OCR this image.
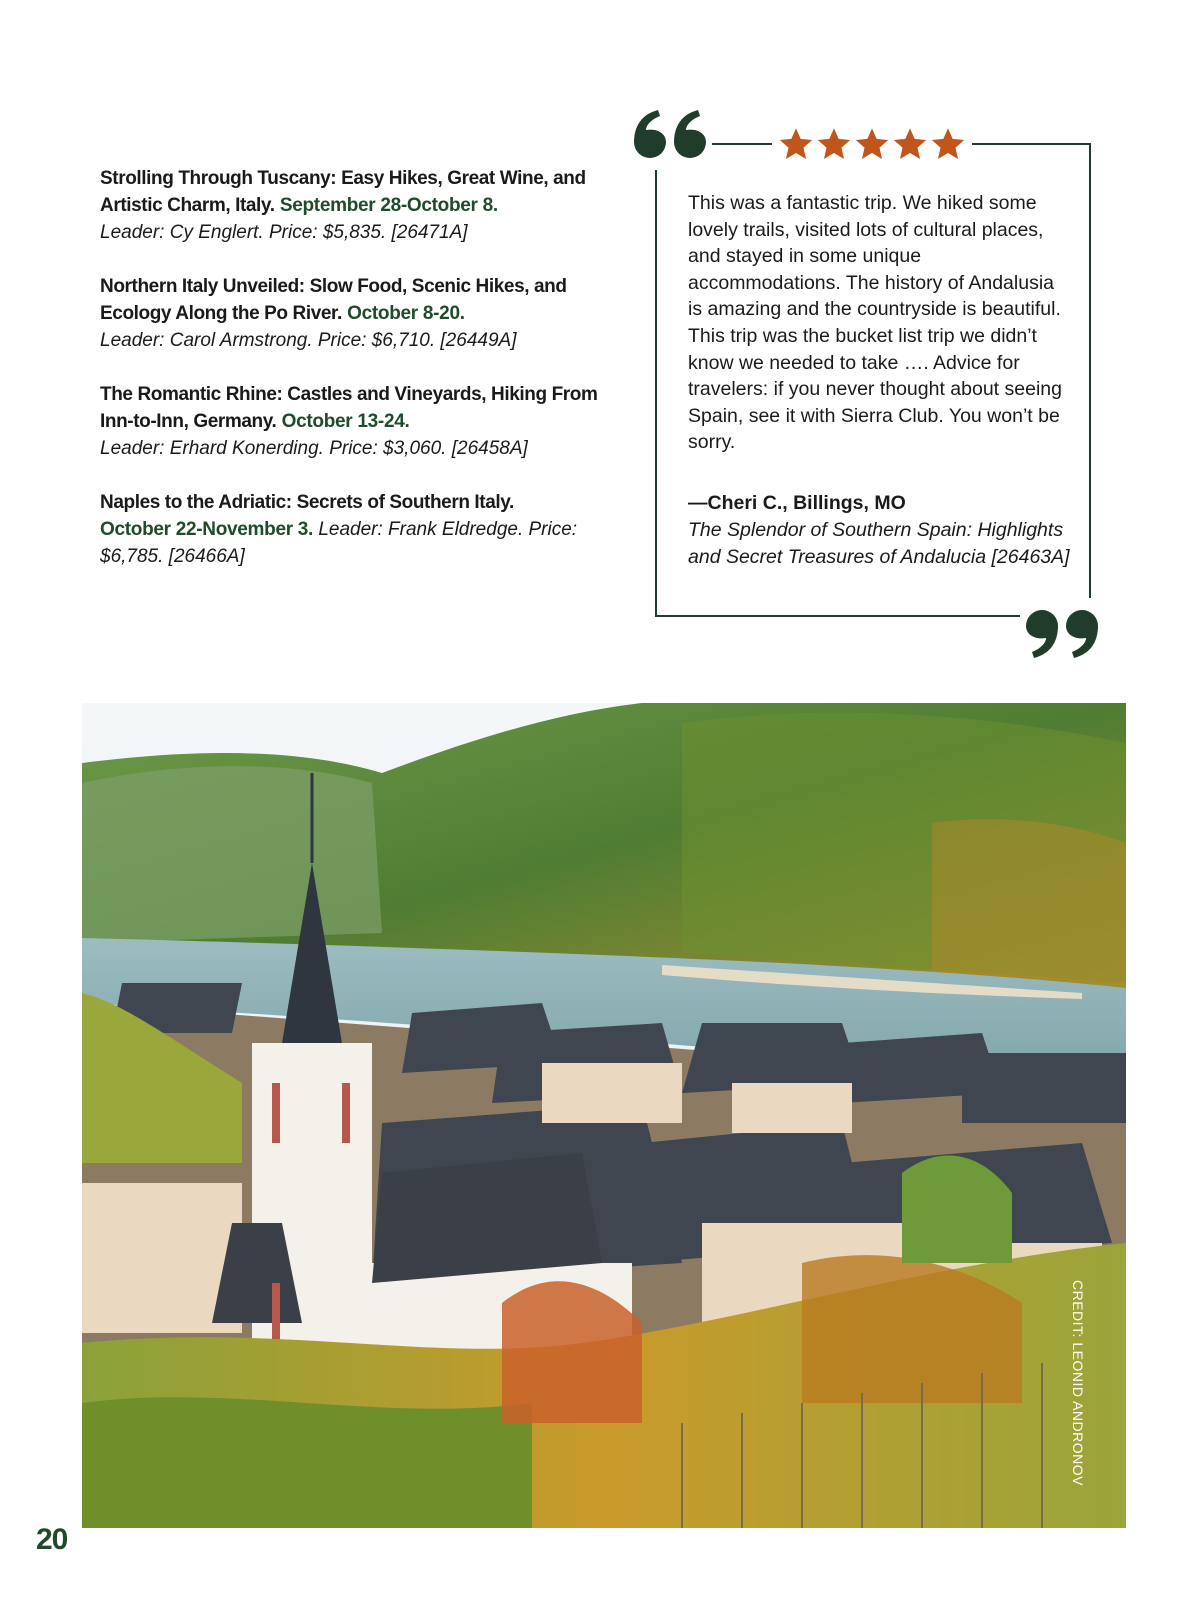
Strolling Through Tuscany: Easy Hikes, Great Wine, and Artistic Charm, Italy. September 28-October 8.
Leader: Cy Englert. Price: $5,835. [26471A]

Northern Italy Unveiled: Slow Food, Scenic Hikes, and Ecology Along the Po River. October 8-20.
Leader: Carol Armstrong. Price: $6,710. [26449A]

The Romantic Rhine: Castles and Vineyards, Hiking From Inn-to-Inn, Germany. October 13-24.
Leader: Erhard Konerding. Price: $3,060. [26458A]

Naples to the Adriatic: Secrets of Southern Italy.
October 22-November 3. Leader: Frank Eldredge. Price: $6,785. [26466A]

This was a fantastic trip. We hiked some lovely trails, visited lots of cultural places, and stayed in some unique accommodations. The history of Andalusia is amazing and the countryside is beautiful. This trip was the bucket list trip we didn’t know we needed to take …. Advice for travelers: if you never thought about seeing Spain, see it with Sierra Club. You won’t be sorry.
—Cheri C., Billings, MO
The Splendor of Southern Spain: Highlights and Secret Treasures of Andalucia [26463A]
CREDIT: LEONID ANDRONOV
20
